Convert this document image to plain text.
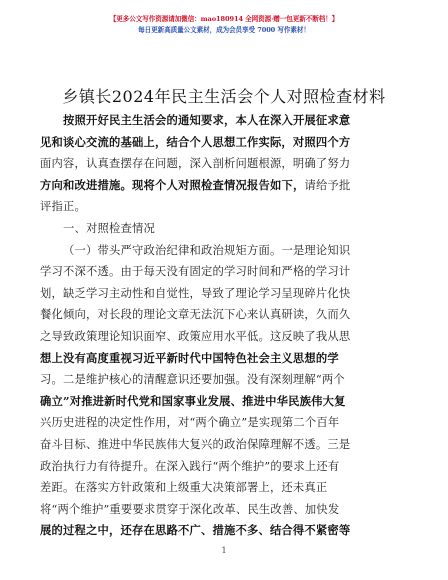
【更多公文写作资源请加微信：mao180914 全网资源·赠一包更新不断档！】
每日更新高质量公文素材，成为会员享受 7000 写作素材！
乡镇长2024年民主生活会个人对照检查材料
1
按照开好民主生活会的通知要求，本人在深入开展征求意
见和谈心交流的基础上，结合个人思想工作实际，对照四个方
面内容，认真查摆存在问题，深入剖析问题根源，明确了努力
方向和改进措施。现将个人对照检查情况报告如下，请给予批
评指正。
一、对照检查情况
（一）带头严守政治纪律和政治规矩方面。一是理论知识
学习不深不透。由于每天没有固定的学习时间和严格的学习计
划，缺乏学习主动性和自觉性，导致了理论学习呈现碎片化快
餐化倾向，对长段的理论文章无法沉下心来认真研读，久而久
之导致政策理论知识面窄、政策应用水平低。这反映了我从思
想上没有高度重视习近平新时代中国特色社会主义思想的学
习。二是维护核心的清醒意识还要加强。没有深刻理解“两个
确立”对推进新时代党和国家事业发展、推进中华民族伟大复
兴历史进程的决定性作用，对“两个确立”是实现第二个百年
奋斗目标、推进中华民族伟大复兴的政治保障理解不透。三是
政治执行力有待提升。在深入践行“两个维护”的要求上还有
差距。在落实方针政策和上级重大决策部署上，还未真正
将“两个维护”重要要求贯穿于深化改革、民生改善、加快发
展的过程之中，还存在思路不广、措施不多、结合得不紧密等
